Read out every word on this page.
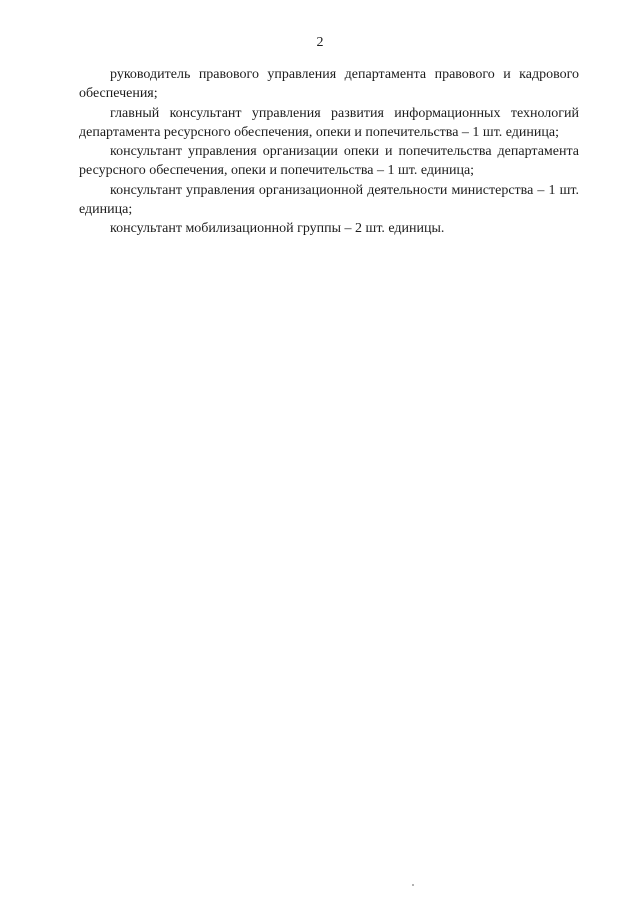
2

руководитель правового управления департамента правового и кадрового обеспечения;

главный консультант управления развития информационных технологий департамента ресурсного обеспечения, опеки и попечительства – 1 шт. единица;

консультант управления организации опеки и попечительства департамента ресурсного обеспечения, опеки и попечительства – 1 шт. единица;

консультант управления организационной деятельности министерства – 1 шт. единица;

консультант мобилизационной группы – 2 шт. единицы.
